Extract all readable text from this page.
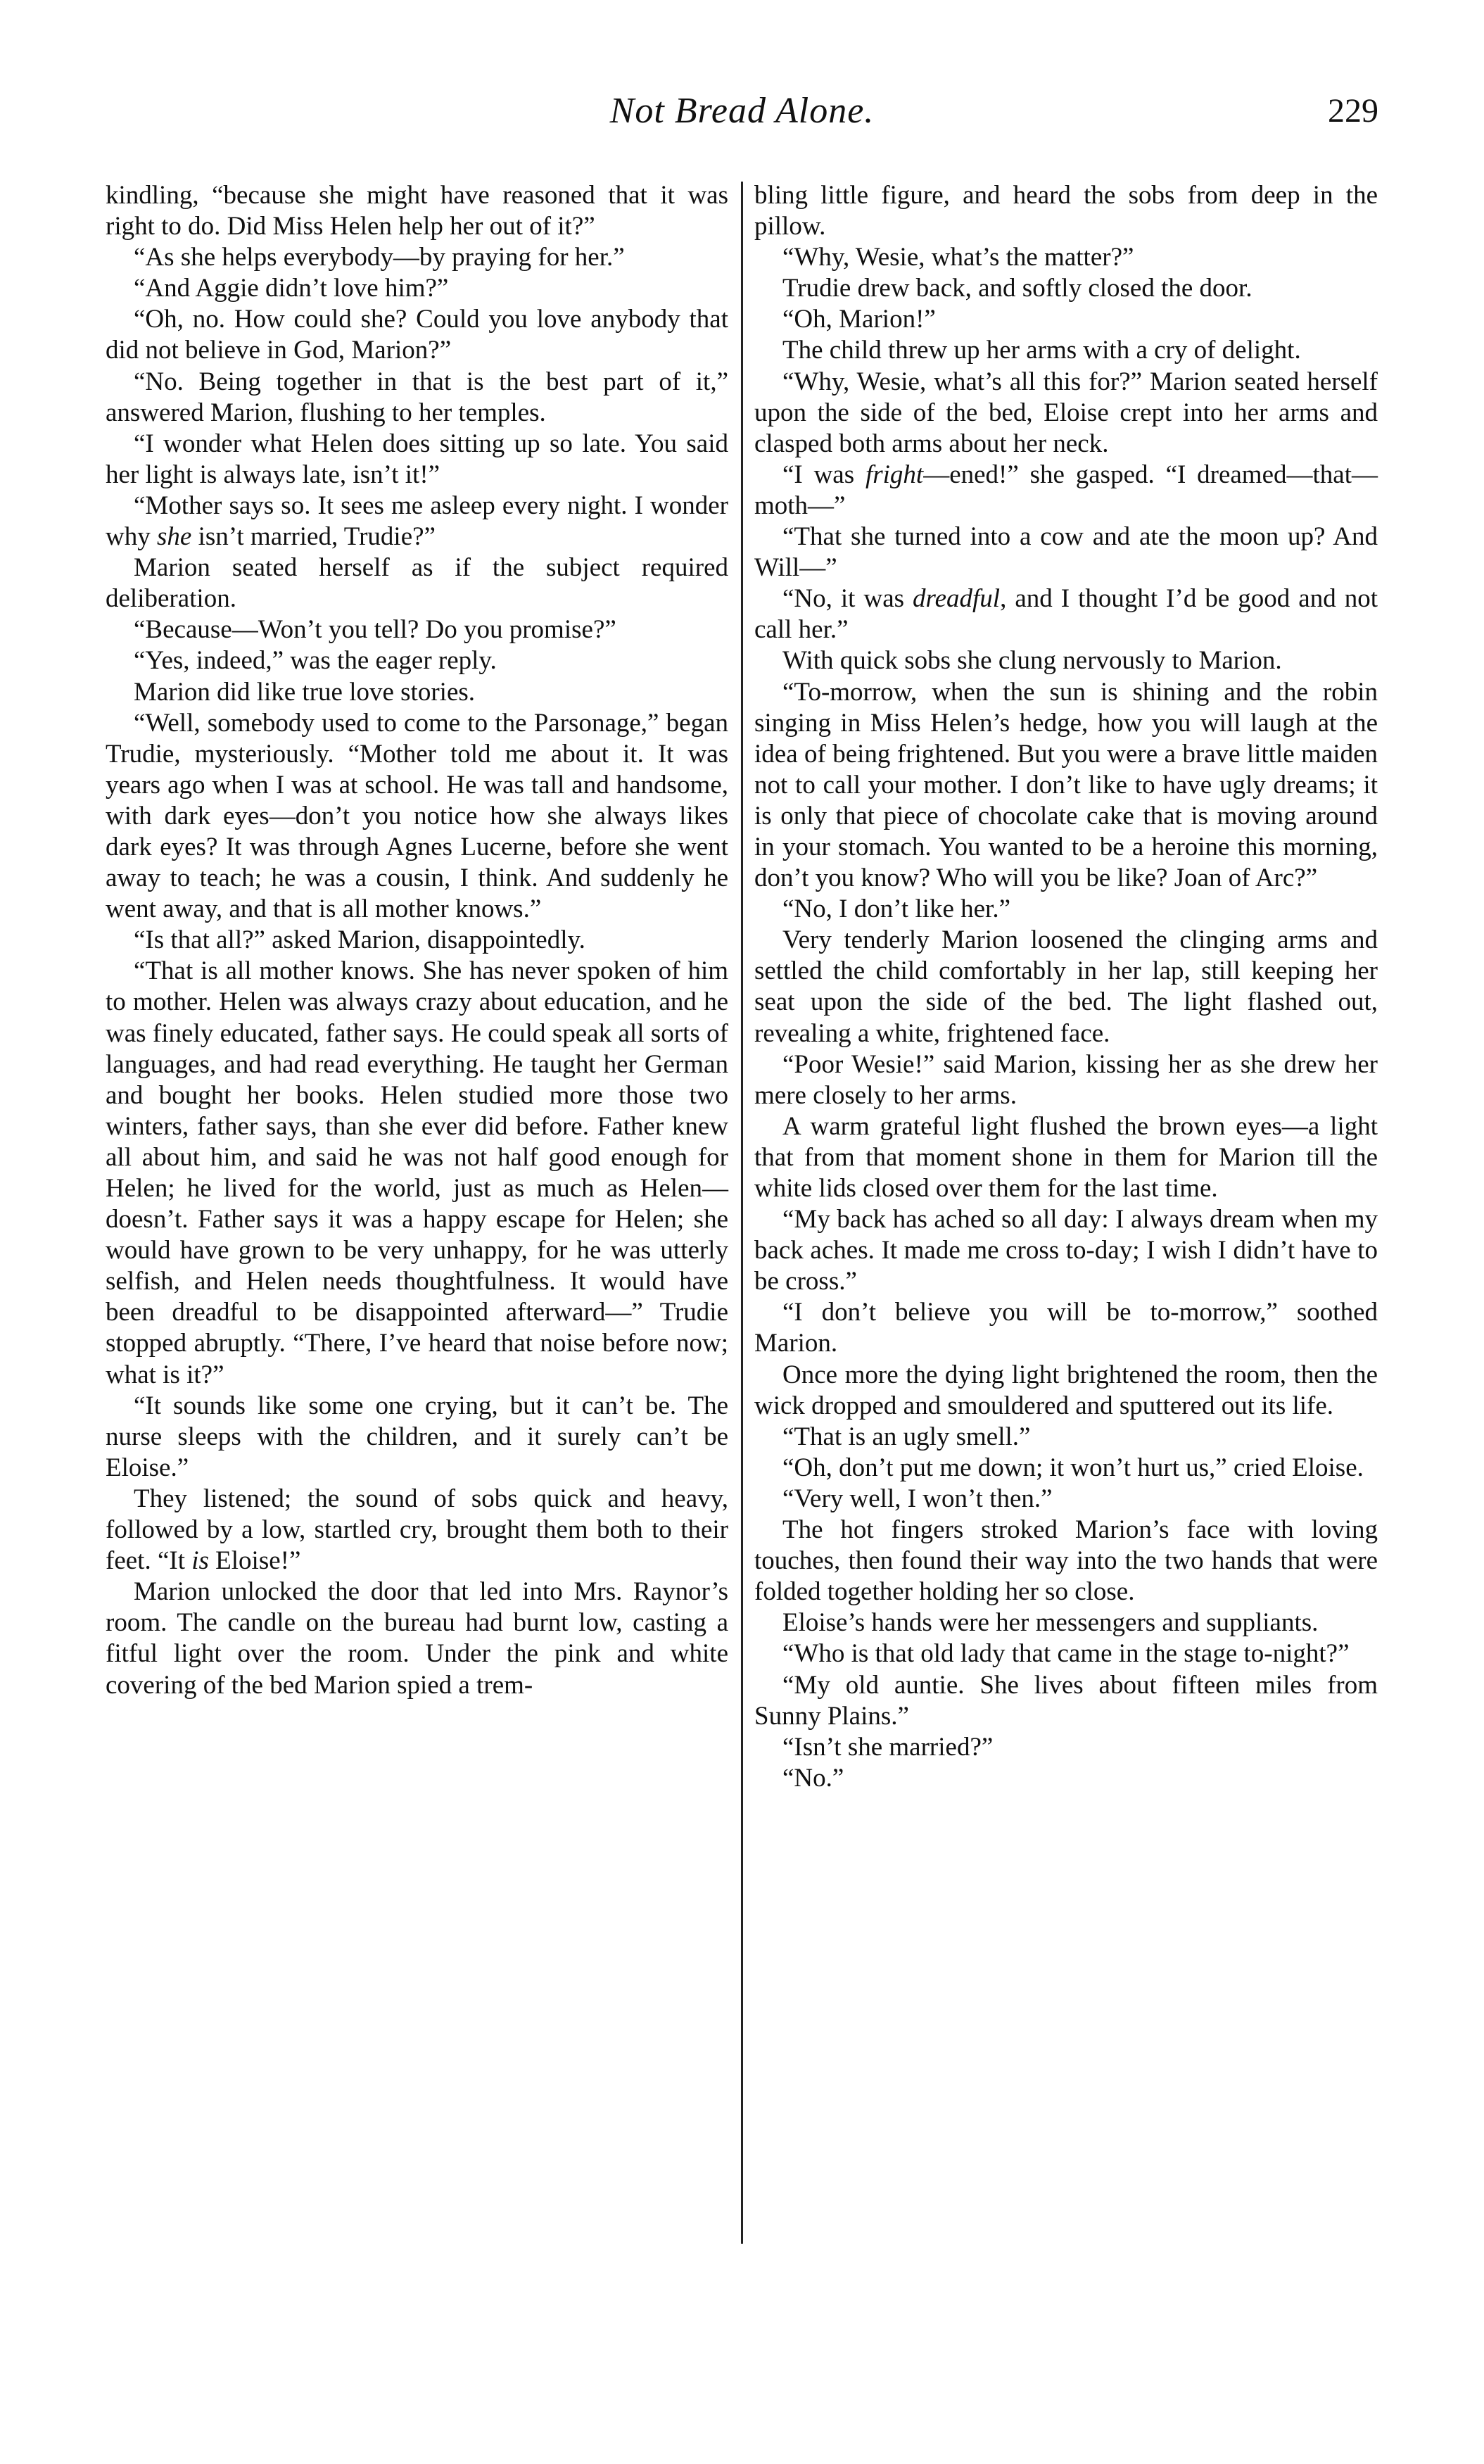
Not Bread Alone.	229

kindling, “because she might have reasoned that it was right to do. Did Miss Helen help her out of it?”

“As she helps everybody—by praying for her.”

“And Aggie didn’t love him?”

“Oh, no. How could she? Could you love anybody that did not believe in God, Marion?”

“No. Being together in that is the best part of it,” answered Marion, flushing to her temples.

“I wonder what Helen does sitting up so late. You said her light is always late, isn’t it!”

“Mother says so. It sees me asleep every night. I wonder why she isn’t married, Trudie?”

Marion seated herself as if the subject required deliberation.

“Because—Won’t you tell? Do you promise?”

“Yes, indeed,” was the eager reply.

Marion did like true love stories.

“Well, somebody used to come to the Parsonage,” began Trudie, mysteriously. “Mother told me about it. It was years ago when I was at school. He was tall and handsome, with dark eyes—don’t you notice how she always likes dark eyes? It was through Agnes Lucerne, before she went away to teach; he was a cousin, I think. And suddenly he went away, and that is all mother knows.”

“Is that all?” asked Marion, disappointedly.

“That is all mother knows. She has never spoken of him to mother. Helen was always crazy about education, and he was finely educated, father says. He could speak all sorts of languages, and had read everything. He taught her German and bought her books. Helen studied more those two winters, father says, than she ever did before. Father knew all about him, and said he was not half good enough for Helen; he lived for the world, just as much as Helen—doesn’t. Father says it was a happy escape for Helen; she would have grown to be very unhappy, for he was utterly selfish, and Helen needs thoughtfulness. It would have been dreadful to be disappointed afterward—” Trudie stopped abruptly. “There, I’ve heard that noise before now; what is it?”

“It sounds like some one crying, but it can’t be. The nurse sleeps with the children, and it surely can’t be Eloise.”

They listened; the sound of sobs quick and heavy, followed by a low, startled cry, brought them both to their feet. “It is Eloise!”

Marion unlocked the door that led into Mrs. Raynor’s room. The candle on the bureau had burnt low, casting a fitful light over the room. Under the pink and white covering of the bed Marion spied a trem-

bling little figure, and heard the sobs from deep in the pillow.

“Why, Wesie, what’s the matter?”

Trudie drew back, and softly closed the door.

“Oh, Marion!”

The child threw up her arms with a cry of delight.

“Why, Wesie, what’s all this for?” Marion seated herself upon the side of the bed, Eloise crept into her arms and clasped both arms about her neck.

“I was fright—ened!” she gasped. “I dreamed—that—moth—”

“That she turned into a cow and ate the moon up? And Will—”

“No, it was dreadful, and I thought I’d be good and not call her.”

With quick sobs she clung nervously to Marion.

“To-morrow, when the sun is shining and the robin singing in Miss Helen’s hedge, how you will laugh at the idea of being frightened. But you were a brave little maiden not to call your mother. I don’t like to have ugly dreams; it is only that piece of chocolate cake that is moving around in your stomach. You wanted to be a heroine this morning, don’t you know? Who will you be like? Joan of Arc?”

“No, I don’t like her.”

Very tenderly Marion loosened the clinging arms and settled the child comfortably in her lap, still keeping her seat upon the side of the bed. The light flashed out, revealing a white, frightened face.

“Poor Wesie!” said Marion, kissing her as she drew her mere closely to her arms.

A warm grateful light flushed the brown eyes—a light that from that moment shone in them for Marion till the white lids closed over them for the last time.

“My back has ached so all day: I always dream when my back aches. It made me cross to-day; I wish I didn’t have to be cross.”

“I don’t believe you will be to-morrow,” soothed Marion.

Once more the dying light brightened the room, then the wick dropped and smouldered and sputtered out its life.

“That is an ugly smell.”

“Oh, don’t put me down; it won’t hurt us,” cried Eloise.

“Very well, I won’t then.”

The hot fingers stroked Marion’s face with loving touches, then found their way into the two hands that were folded together holding her so close.

Eloise’s hands were her messengers and suppliants.

“Who is that old lady that came in the stage to-night?”

“My old auntie. She lives about fifteen miles from Sunny Plains.”

“Isn’t she married?”

“No.”
